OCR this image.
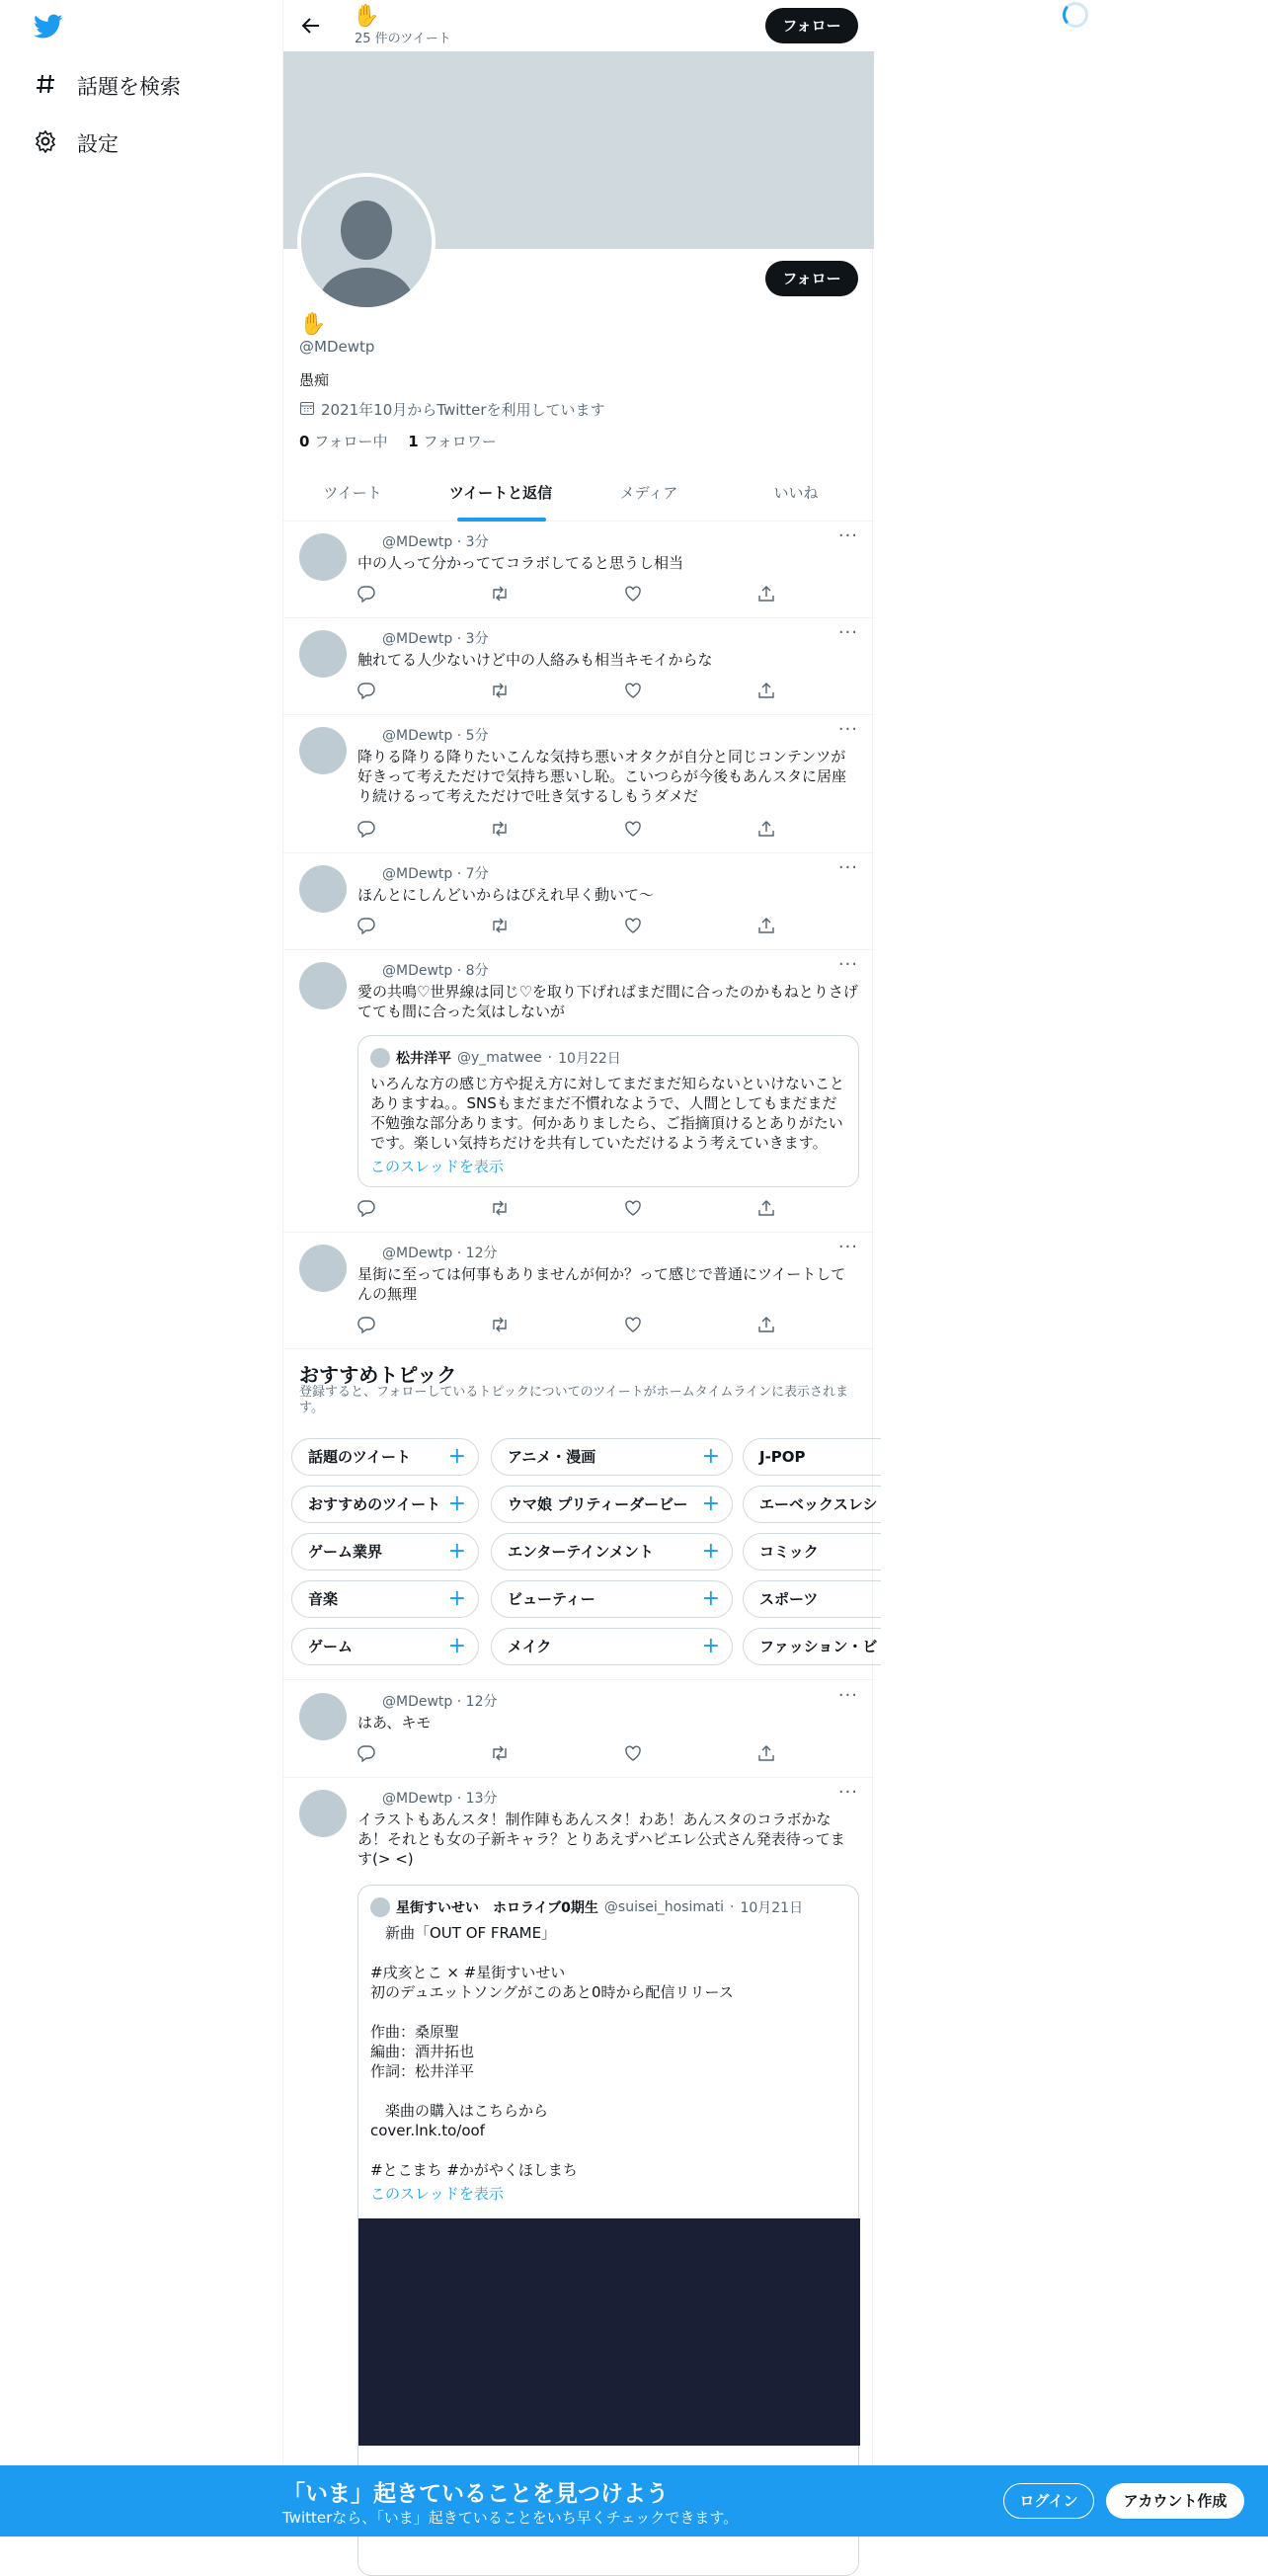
話題を検索
設定
✋
25 件のツイート
フォロー
フォロー
✋
@MDewtp
愚痴
2021年10月からTwitterを利用しています
0 フォロー中 1 フォロワー
ツイート	ツイートと返信	メディア	いいね
@MDewtp · 3分	···
中の人って分かっててコラボしてると思うし相当
@MDewtp · 3分	···
触れてる人少ないけど中の人絡みも相当キモイからな
@MDewtp · 5分	···
降りる降りる降りたいこんな気持ち悪いオタクが自分と同じコンテンツが好きって考えただけで気持ち悪いし恥。こいつらが今後もあんスタに居座り続けるって考えただけで吐き気するしもうダメだ
@MDewtp · 7分	···
ほんとにしんどいからはぴえれ早く動いて〜
@MDewtp · 8分	···
愛の共鳴♡世界線は同じ♡を取り下げればまだ間に合ったのかもねとりさげてても間に合った気はしないが
松井洋平 @y_matwee · 10月22日
いろんな方の感じ方や捉え方に対してまだまだ知らないといけないことありますね。。SNSもまだまだ不慣れなようで、人間としてもまだまだ不勉強な部分あります。何かありましたら、ご指摘頂けるとありがたいです。楽しい気持ちだけを共有していただけるよう考えていきます。
このスレッドを表示
@MDewtp · 12分	···
星街に至っては何事もありませんが何か？って感じで普通にツイートしてんの無理
おすすめトピック
登録すると、フォローしているトピックについてのツイートがホームタイムラインに表示されます。
話題のツイート +	アニメ・漫画	+	J-POP
おすすめのツイート +	ウマ娘 プリティーダービー +	エーベックスレシ
ゲーム業界	+	エンターテインメント +	コミック
音楽	+	ビューティー	+	スポーツ
ゲーム	+	メイク	+	ファッション・ビ
@MDewtp · 12分	···
はあ、キモ
@MDewtp · 13分	···
イラストもあんスタ！制作陣もあんスタ！わあ！あんスタのコラボかなあ！それとも女の子新キャラ？とりあえずハピエレ公式さん発表待ってます(> <)
星街すいせい　ホロライブ0期生 @suisei_hosimati · 10月21日
　新曲「OUT OF FRAME」

#戌亥とこ × #星街すいせい
初のデュエットソングがこのあと0時から配信リリース

作曲：桑原聖
編曲：酒井拓也
作詞：松井洋平

　楽曲の購入はこちらから
cover.lnk.to/oof

#とこまち #かがやくほしまち
このスレッドを表示
「いま」起きていることを見つけよう
Twitterなら、「いま」起きていることをいち早くチェックできます。
ログイン	アカウント作成
